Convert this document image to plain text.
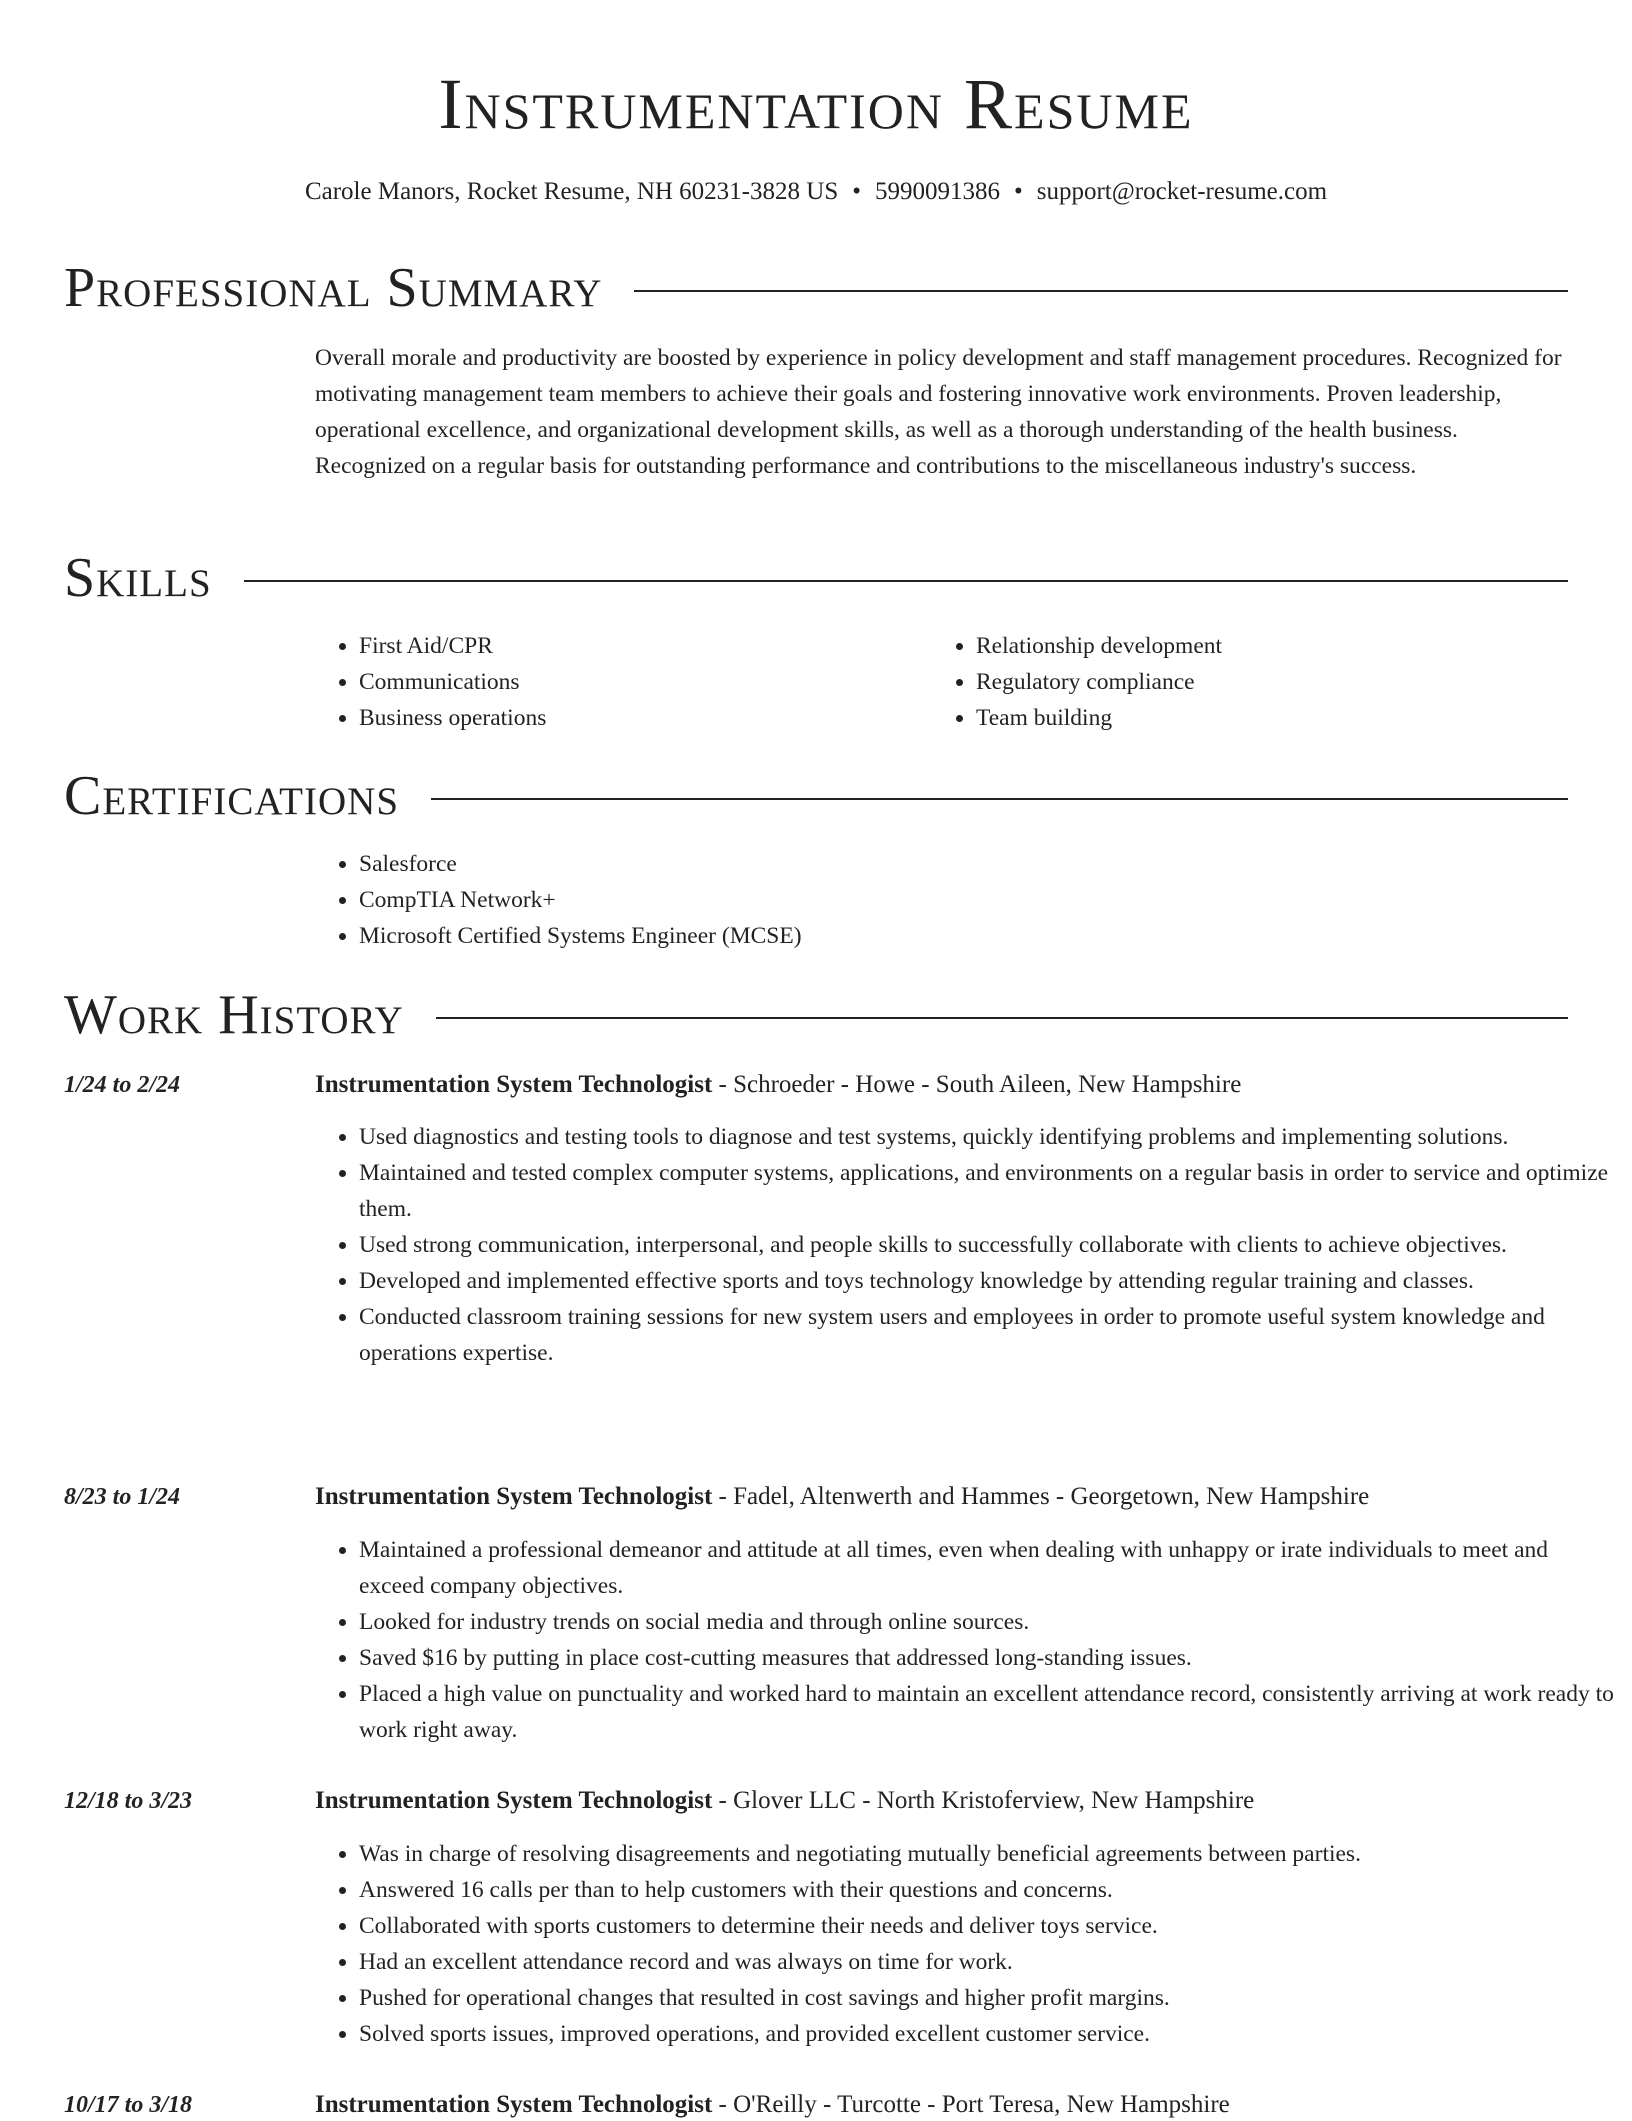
Instrumentation Resume
Carole Manors, Rocket Resume, NH 60231-3828 US • 5990091386 • support@rocket-resume.com
Professional Summary

Overall morale and productivity are boosted by experience in policy development and staff management procedures. Recognized for motivating management team members to achieve their goals and fostering innovative work environments. Proven leadership, operational excellence, and organizational development skills, as well as a thorough understanding of the health business. Recognized on a regular basis for outstanding performance and contributions to the miscellaneous industry's success.

Skills
• First Aid/CPR
• Communications
• Business operations
• Relationship development
• Regulatory compliance
• Team building
Certifications
• Salesforce
• CompTIA Network+
• Microsoft Certified Systems Engineer (MCSE)
Work History
1/24 to 2/24	Instrumentation System Technologist - Schroeder - Howe - South Aileen, New Hampshire
• Used diagnostics and testing tools to diagnose and test systems, quickly identifying problems and implementing solutions.
• Maintained and tested complex computer systems, applications, and environments on a regular basis in order to service and optimize them.
• Used strong communication, interpersonal, and people skills to successfully collaborate with clients to achieve objectives.
• Developed and implemented effective sports and toys technology knowledge by attending regular training and classes.
• Conducted classroom training sessions for new system users and employees in order to promote useful system knowledge and operations expertise.
8/23 to 1/24	Instrumentation System Technologist - Fadel, Altenwerth and Hammes - Georgetown, New Hampshire
• Maintained a professional demeanor and attitude at all times, even when dealing with unhappy or irate individuals to meet and exceed company objectives.
• Looked for industry trends on social media and through online sources.
• Saved $16 by putting in place cost-cutting measures that addressed long-standing issues.
• Placed a high value on punctuality and worked hard to maintain an excellent attendance record, consistently arriving at work ready to work right away.
12/18 to 3/23	Instrumentation System Technologist - Glover LLC - North Kristoferview, New Hampshire
• Was in charge of resolving disagreements and negotiating mutually beneficial agreements between parties.
• Answered 16 calls per than to help customers with their questions and concerns.
• Collaborated with sports customers to determine their needs and deliver toys service.
• Had an excellent attendance record and was always on time for work.
• Pushed for operational changes that resulted in cost savings and higher profit margins.
• Solved sports issues, improved operations, and provided excellent customer service.
10/17 to 3/18	Instrumentation System Technologist - O'Reilly - Turcotte - Port Teresa, New Hampshire
